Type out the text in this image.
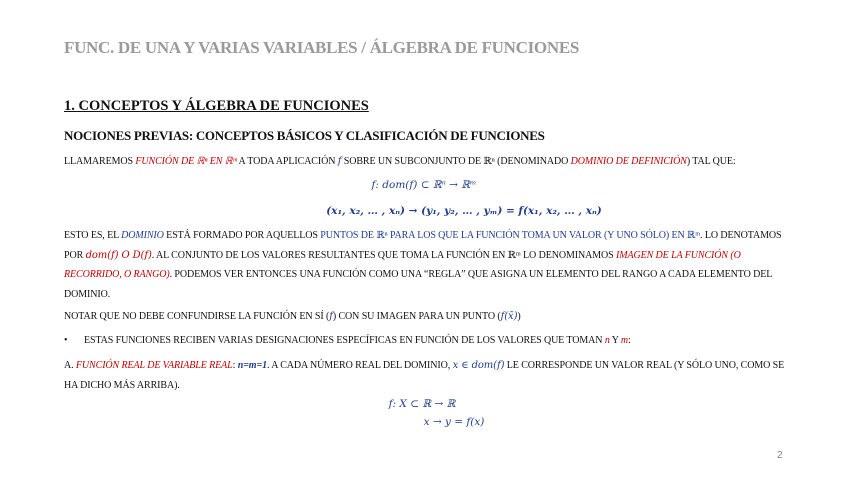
FUNC. DE UNA Y VARIAS VARIABLES / ÁLGEBRA DE FUNCIONES
1. CONCEPTOS Y ÁLGEBRA DE FUNCIONES
NOCIONES PREVIAS: CONCEPTOS BÁSICOS Y CLASIFICACIÓN DE FUNCIONES
LLAMAREMOS FUNCIÓN DE ℝⁿ EN ℝᵐ A TODA APLICACIÓN f SOBRE UN SUBCONJUNTO DE ℝⁿ (DENOMINADO DOMINIO DE DEFINICIÓN) TAL QUE:
f: dom(f) ⊂ ℝⁿ → ℝᵐ
(x₁, x₂, … , xₙ) → (y₁, y₂, … , yₘ) = f(x₁, x₂, … , xₙ)
ESTO ES, EL DOMINIO ESTÁ FORMADO POR AQUELLOS PUNTOS DE ℝⁿ PARA LOS QUE LA FUNCIÓN TOMA UN VALOR (Y UNO SÓLO) EN ℝᵐ. LO DENOTAMOS POR dom(f) O D(f). AL CONJUNTO DE LOS VALORES RESULTANTES QUE TOMA LA FUNCIÓN EN ℝᵐ LO DENOMINAMOS IMAGEN DE LA FUNCIÓN (O RECORRIDO, O RANGO). PODEMOS VER ENTONCES UNA FUNCIÓN COMO UNA “REGLA” QUE ASIGNA UN ELEMENTO DEL RANGO A CADA ELEMENTO DEL DOMINIO.
NOTAR QUE NO DEBE CONFUNDIRSE LA FUNCIÓN EN SÍ (f) CON SU IMAGEN PARA UN PUNTO (f(x̄))
• ESTAS FUNCIONES RECIBEN VARIAS DESIGNACIONES ESPECÍFICAS EN FUNCIÓN DE LOS VALORES QUE TOMAN n Y m:
A. FUNCIÓN REAL DE VARIABLE REAL: n=m=1. A CADA NÚMERO REAL DEL DOMINIO, x ∈ dom(f) LE CORRESPONDE UN VALOR REAL (Y SÓLO UNO, COMO SE HA DICHO MÁS ARRIBA).
f: X ⊂ ℝ → ℝ
x → y = f(x)
2
